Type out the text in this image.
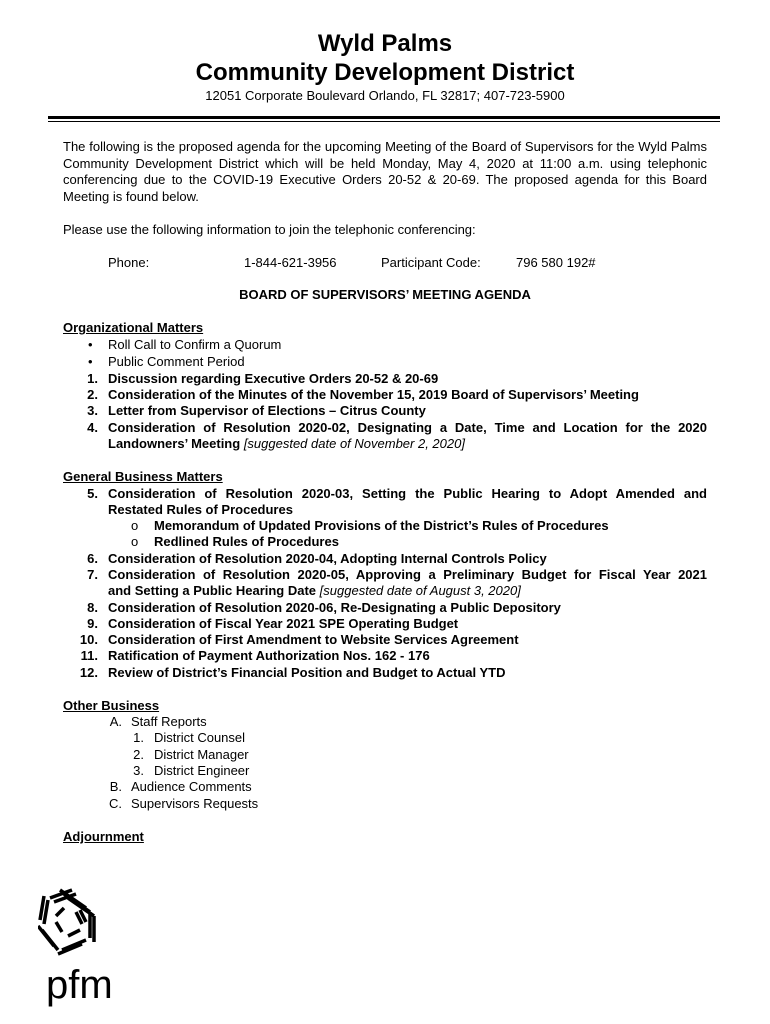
Wyld Palms
Community Development District
12051 Corporate Boulevard Orlando, FL 32817; 407-723-5900
The following is the proposed agenda for the upcoming Meeting of the Board of Supervisors for the Wyld Palms Community Development District which will be held Monday, May 4, 2020 at 11:00 a.m. using telephonic conferencing due to the COVID-19 Executive Orders 20-52 & 20-69. The proposed agenda for this Board Meeting is found below.
Please use the following information to join the telephonic conferencing:
Phone:	1-844-621-3956	Participant Code:	796 580 192#
BOARD OF SUPERVISORS’ MEETING AGENDA
Organizational Matters
• Roll Call to Confirm a Quorum
• Public Comment Period
1. Discussion regarding Executive Orders 20-52 & 20-69
2. Consideration of the Minutes of the November 15, 2019 Board of Supervisors’ Meeting
3. Letter from Supervisor of Elections – Citrus County
4. Consideration of Resolution 2020-02, Designating a Date, Time and Location for the 2020
Landowners’ Meeting [suggested date of November 2, 2020]
General Business Matters
5. Consideration of Resolution 2020-03, Setting the Public Hearing to Adopt Amended and
Restated Rules of Procedures
o Memorandum of Updated Provisions of the District’s Rules of Procedures
o Redlined Rules of Procedures
6. Consideration of Resolution 2020-04, Adopting Internal Controls Policy
7. Consideration of Resolution 2020-05, Approving a Preliminary Budget for Fiscal Year 2021
and Setting a Public Hearing Date [suggested date of August 3, 2020]
8. Consideration of Resolution 2020-06, Re-Designating a Public Depository
9. Consideration of Fiscal Year 2021 SPE Operating Budget
10. Consideration of First Amendment to Website Services Agreement
11. Ratification of Payment Authorization Nos. 162 - 176
12. Review of District’s Financial Position and Budget to Actual YTD
Other Business
A. Staff Reports
1. District Counsel
2. District Manager
3. District Engineer
B. Audience Comments
C. Supervisors Requests
Adjournment
pfm
